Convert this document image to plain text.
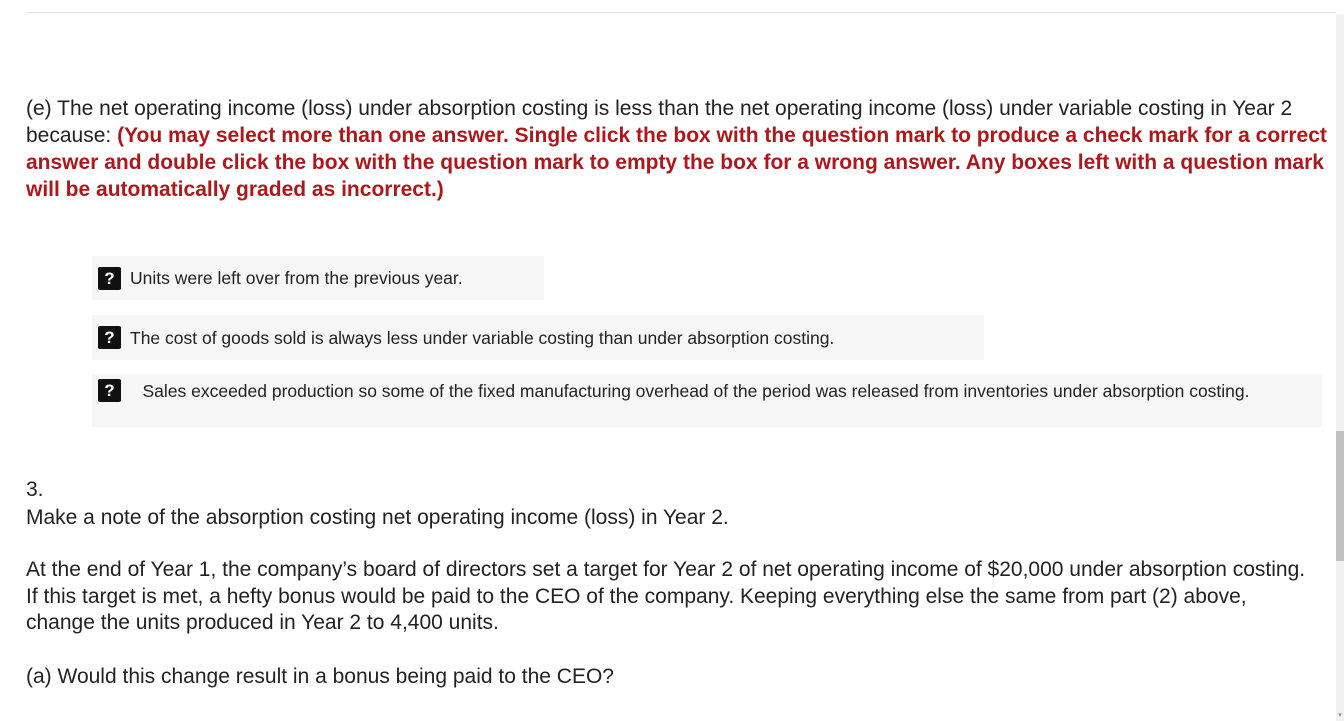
(e) The net operating income (loss) under absorption costing is less than the net operating income (loss) under variable costing in Year 2 because: (You may select more than one answer. Single click the box with the question mark to produce a check mark for a correct answer and double click the box with the question mark to empty the box for a wrong answer. Any boxes left with a question mark will be automatically graded as incorrect.)
? Units were left over from the previous year.
? The cost of goods sold is always less under variable costing than under absorption costing.
?	Sales exceeded production so some of the fixed manufacturing overhead of the period was released from inventories under absorption costing.
3.
Make a note of the absorption costing net operating income (loss) in Year 2.
At the end of Year 1, the company’s board of directors set a target for Year 2 of net operating income of $20,000 under absorption costing. If this target is met, a hefty bonus would be paid to the CEO of the company. Keeping everything else the same from part (2) above, change the units produced in Year 2 to 4,400 units.
(a) Would this change result in a bonus being paid to the CEO?
▾
